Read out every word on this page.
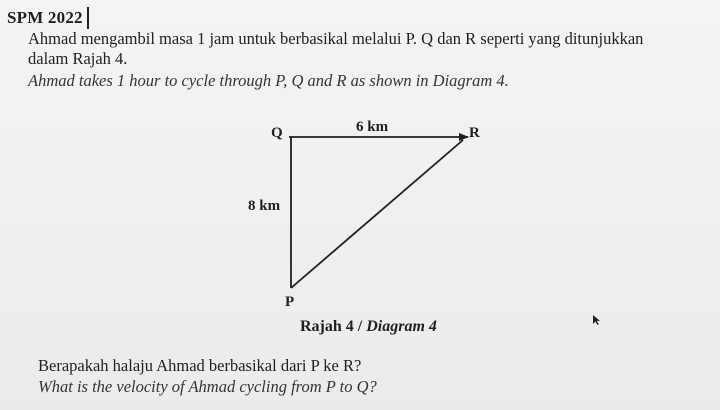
SPM 2022
Ahmad mengambil masa 1 jam untuk berbasikal melalui P. Q dan R seperti yang ditunjukkan
dalam Rajah 4.
Ahmad takes 1 hour to cycle through P, Q and R as shown in Diagram 4.
Q	R
P
6 km
8 km
Rajah 4 / Diagram 4
Berapakah halaju Ahmad berbasikal dari P ke R?
What is the velocity of Ahmad cycling from P to Q?
